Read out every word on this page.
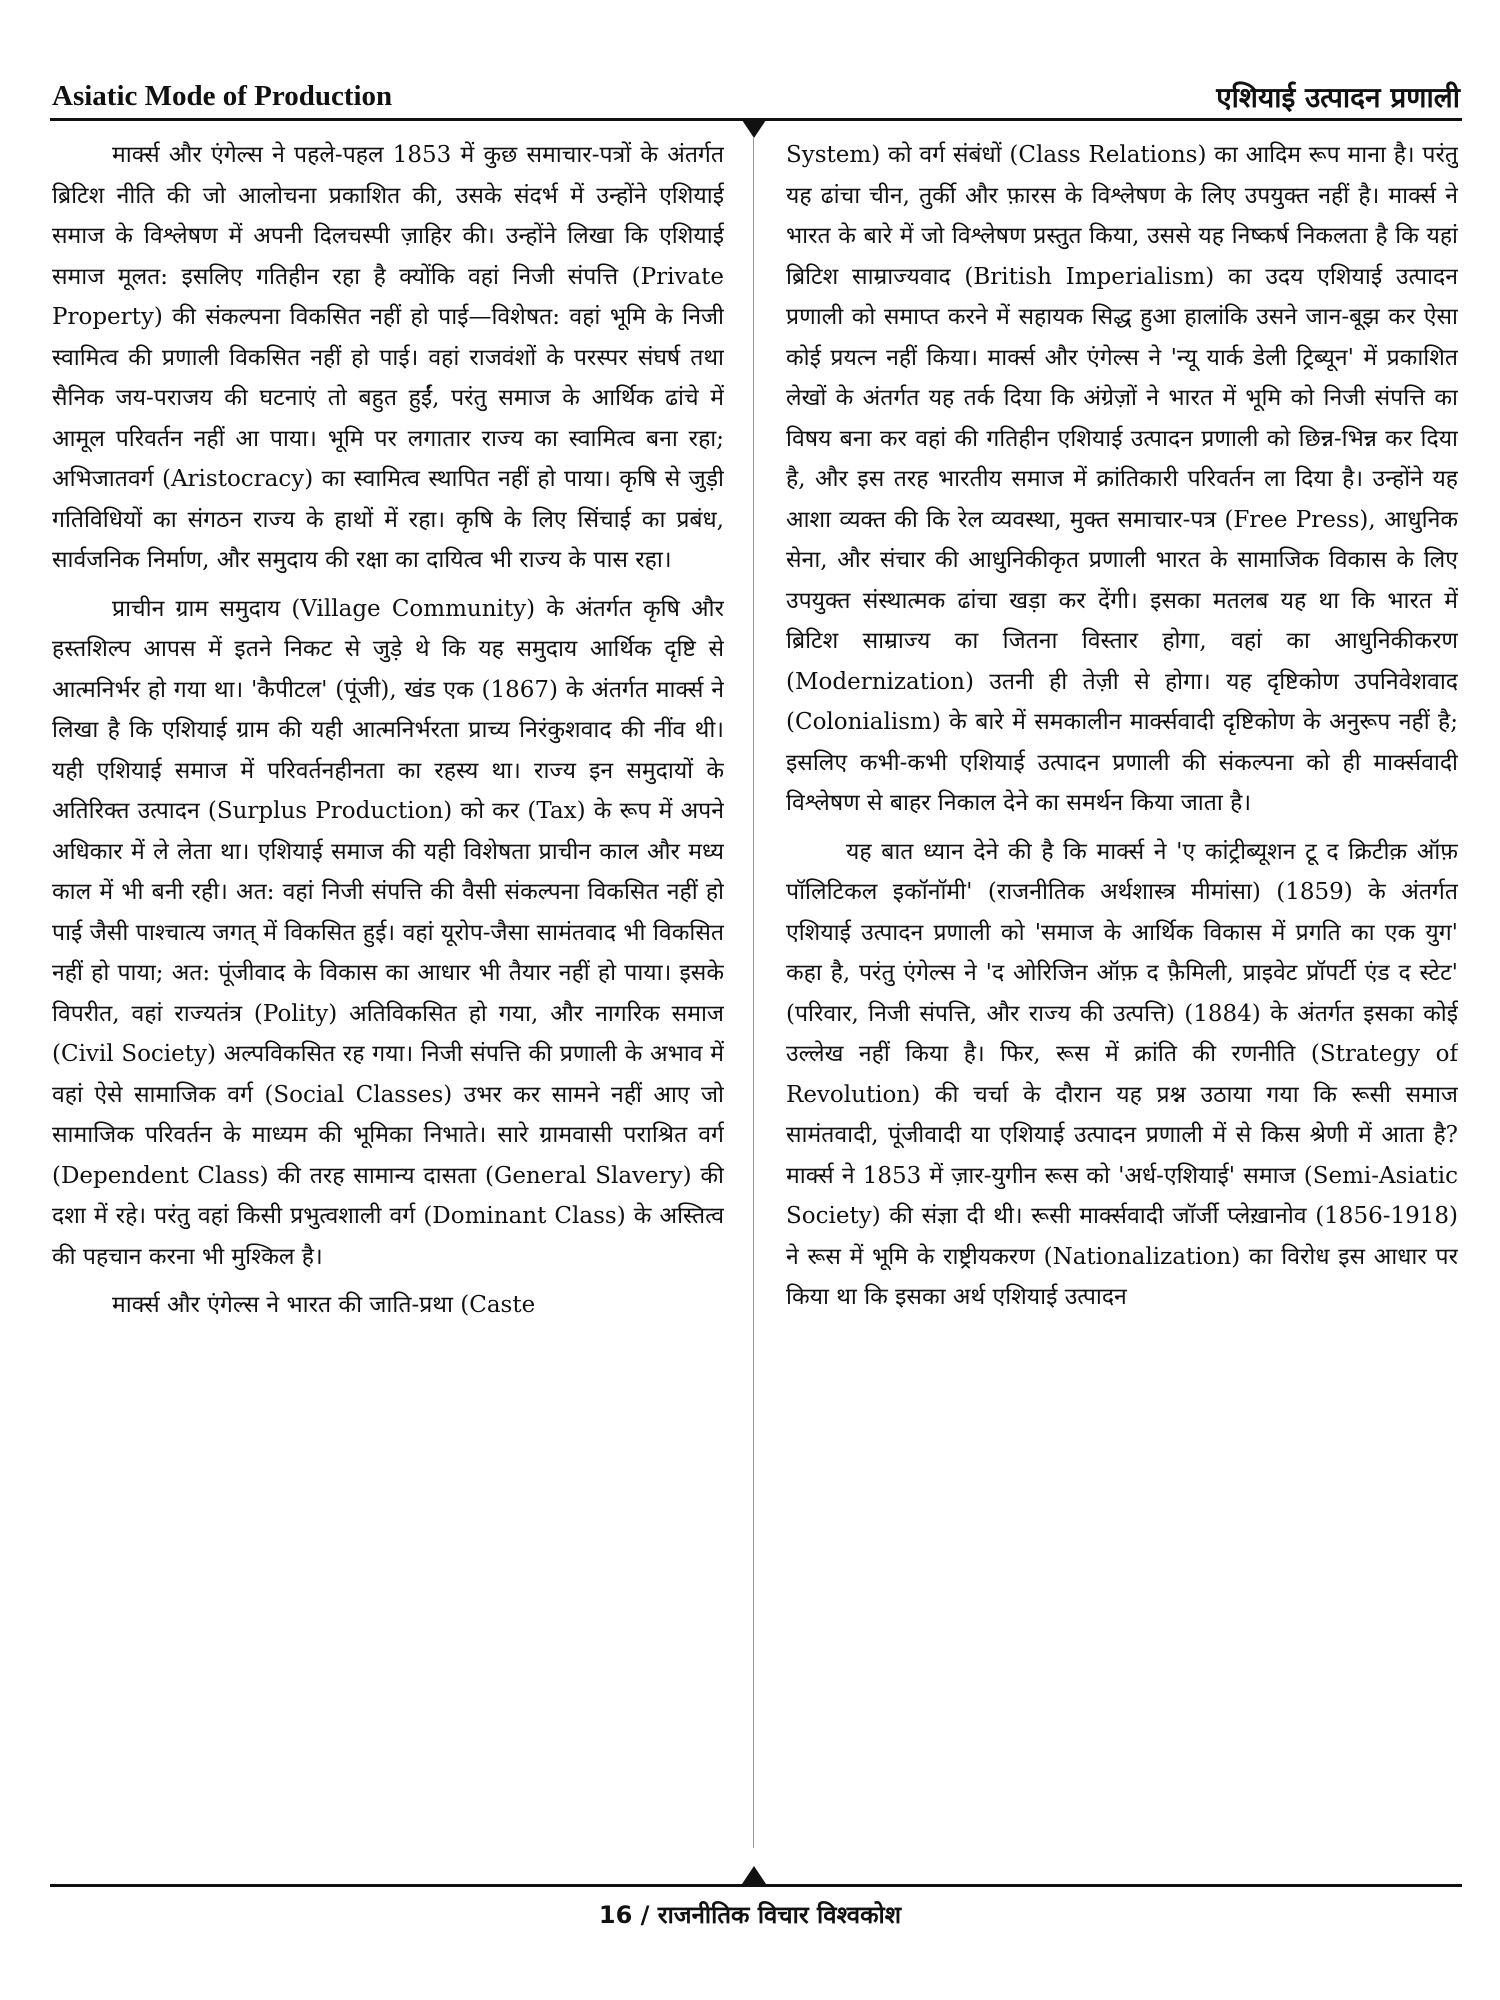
Asiatic Mode of Production	एशियाई उत्पादन प्रणाली

मार्क्स और एंगेल्स ने पहले-पहल 1853 में कुछ समाचार-पत्रों के अंतर्गत ब्रिटिश नीति की जो आलोचना प्रकाशित की, उसके संदर्भ में उन्होंने एशियाई समाज के विश्लेषण में अपनी दिलचस्पी ज़ाहिर की। उन्होंने लिखा कि एशियाई समाज मूलत: इसलिए गतिहीन रहा है क्योंकि वहां निजी संपत्ति (Private Property) की संकल्पना विकसित नहीं हो पाई—विशेषत: वहां भूमि के निजी स्वामित्व की प्रणाली विकसित नहीं हो पाई। वहां राजवंशों के परस्पर संघर्ष तथा सैनिक जय-पराजय की घटनाएं तो बहुत हुईं, परंतु समाज के आर्थिक ढांचे में आमूल परिवर्तन नहीं आ पाया। भूमि पर लगातार राज्य का स्वामित्व बना रहा; अभिजातवर्ग (Aristocracy) का स्वामित्व स्थापित नहीं हो पाया। कृषि से जुड़ी गतिविधियों का संगठन राज्य के हाथों में रहा। कृषि के लिए सिंचाई का प्रबंध, सार्वजनिक निर्माण, और समुदाय की रक्षा का दायित्व भी राज्य के पास रहा।

प्राचीन ग्राम समुदाय (Village Community) के अंतर्गत कृषि और हस्तशिल्प आपस में इतने निकट से जुड़े थे कि यह समुदाय आर्थिक दृष्टि से आत्मनिर्भर हो गया था। 'कैपीटल' (पूंजी), खंड एक (1867) के अंतर्गत मार्क्स ने लिखा है कि एशियाई ग्राम की यही आत्मनिर्भरता प्राच्य निरंकुशवाद की नींव थी। यही एशियाई समाज में परिवर्तनहीनता का रहस्य था। राज्य इन समुदायों के अतिरिक्त उत्पादन (Surplus Production) को कर (Tax) के रूप में अपने अधिकार में ले लेता था। एशियाई समाज की यही विशेषता प्राचीन काल और मध्य काल में भी बनी रही। अत: वहां निजी संपत्ति की वैसी संकल्पना विकसित नहीं हो पाई जैसी पाश्चात्य जगत् में विकसित हुई। वहां यूरोप-जैसा सामंतवाद भी विकसित नहीं हो पाया; अत: पूंजीवाद के विकास का आधार भी तैयार नहीं हो पाया। इसके विपरीत, वहां राज्यतंत्र (Polity) अतिविकसित हो गया, और नागरिक समाज (Civil Society) अल्पविकसित रह गया। निजी संपत्ति की प्रणाली के अभाव में वहां ऐसे सामाजिक वर्ग (Social Classes) उभर कर सामने नहीं आए जो सामाजिक परिवर्तन के माध्यम की भूमिका निभाते। सारे ग्रामवासी पराश्रित वर्ग (Dependent Class) की तरह सामान्य दासता (General Slavery) की दशा में रहे। परंतु वहां किसी प्रभुत्वशाली वर्ग (Dominant Class) के अस्तित्व की पहचान करना भी मुश्किल है।

मार्क्स और एंगेल्स ने भारत की जाति-प्रथा (Caste

System) को वर्ग संबंधों (Class Relations) का आदिम रूप माना है। परंतु यह ढांचा चीन, तुर्की और फ़ारस के विश्लेषण के लिए उपयुक्त नहीं है। मार्क्स ने भारत के बारे में जो विश्लेषण प्रस्तुत किया, उससे यह निष्कर्ष निकलता है कि यहां ब्रिटिश साम्राज्यवाद (British Imperialism) का उदय एशियाई उत्पादन प्रणाली को समाप्त करने में सहायक सिद्ध हुआ हालांकि उसने जान-बूझ कर ऐसा कोई प्रयत्न नहीं किया। मार्क्स और एंगेल्स ने 'न्यू यार्क डेली ट्रिब्यून' में प्रकाशित लेखों के अंतर्गत यह तर्क दिया कि अंग्रेज़ों ने भारत में भूमि को निजी संपत्ति का विषय बना कर वहां की गतिहीन एशियाई उत्पादन प्रणाली को छिन्न-भिन्न कर दिया है, और इस तरह भारतीय समाज में क्रांतिकारी परिवर्तन ला दिया है। उन्होंने यह आशा व्यक्त की कि रेल व्यवस्था, मुक्त समाचार-पत्र (Free Press), आधुनिक सेना, और संचार की आधुनिकीकृत प्रणाली भारत के सामाजिक विकास के लिए उपयुक्त संस्थात्मक ढांचा खड़ा कर देंगी। इसका मतलब यह था कि भारत में ब्रिटिश साम्राज्य का जितना विस्तार होगा, वहां का आधुनिकीकरण (Modernization) उतनी ही तेज़ी से होगा। यह दृष्टिकोण उपनिवेशवाद (Colonialism) के बारे में समकालीन मार्क्सवादी दृष्टिकोण के अनुरूप नहीं है; इसलिए कभी-कभी एशियाई उत्पादन प्रणाली की संकल्पना को ही मार्क्सवादी विश्लेषण से बाहर निकाल देने का समर्थन किया जाता है।

यह बात ध्यान देने की है कि मार्क्स ने 'ए कांट्रीब्यूशन टू द क्रिटीक़ ऑफ़ पॉलिटिकल इकॉनॉमी' (राजनीतिक अर्थशास्त्र मीमांसा) (1859) के अंतर्गत एशियाई उत्पादन प्रणाली को 'समाज के आर्थिक विकास में प्रगति का एक युग' कहा है, परंतु एंगेल्स ने 'द ओरिजिन ऑफ़ द फ़ैमिली, प्राइवेट प्रॉपर्टी एंड द स्टेट' (परिवार, निजी संपत्ति, और राज्य की उत्पत्ति) (1884) के अंतर्गत इसका कोई उल्लेख नहीं किया है। फिर, रूस में क्रांति की रणनीति (Strategy of Revolution) की चर्चा के दौरान यह प्रश्न उठाया गया कि रूसी समाज सामंतवादी, पूंजीवादी या एशियाई उत्पादन प्रणाली में से किस श्रेणी में आता है? मार्क्स ने 1853 में ज़ार-युगीन रूस को 'अर्ध-एशियाई' समाज (Semi-Asiatic Society) की संज्ञा दी थी। रूसी मार्क्सवादी जॉर्जी प्लेख़ानोव (1856-1918) ने रूस में भूमि के राष्ट्रीयकरण (Nationalization) का विरोध इस आधार पर किया था कि इसका अर्थ एशियाई उत्पादन

16 / राजनीतिक विचार विश्वकोश
